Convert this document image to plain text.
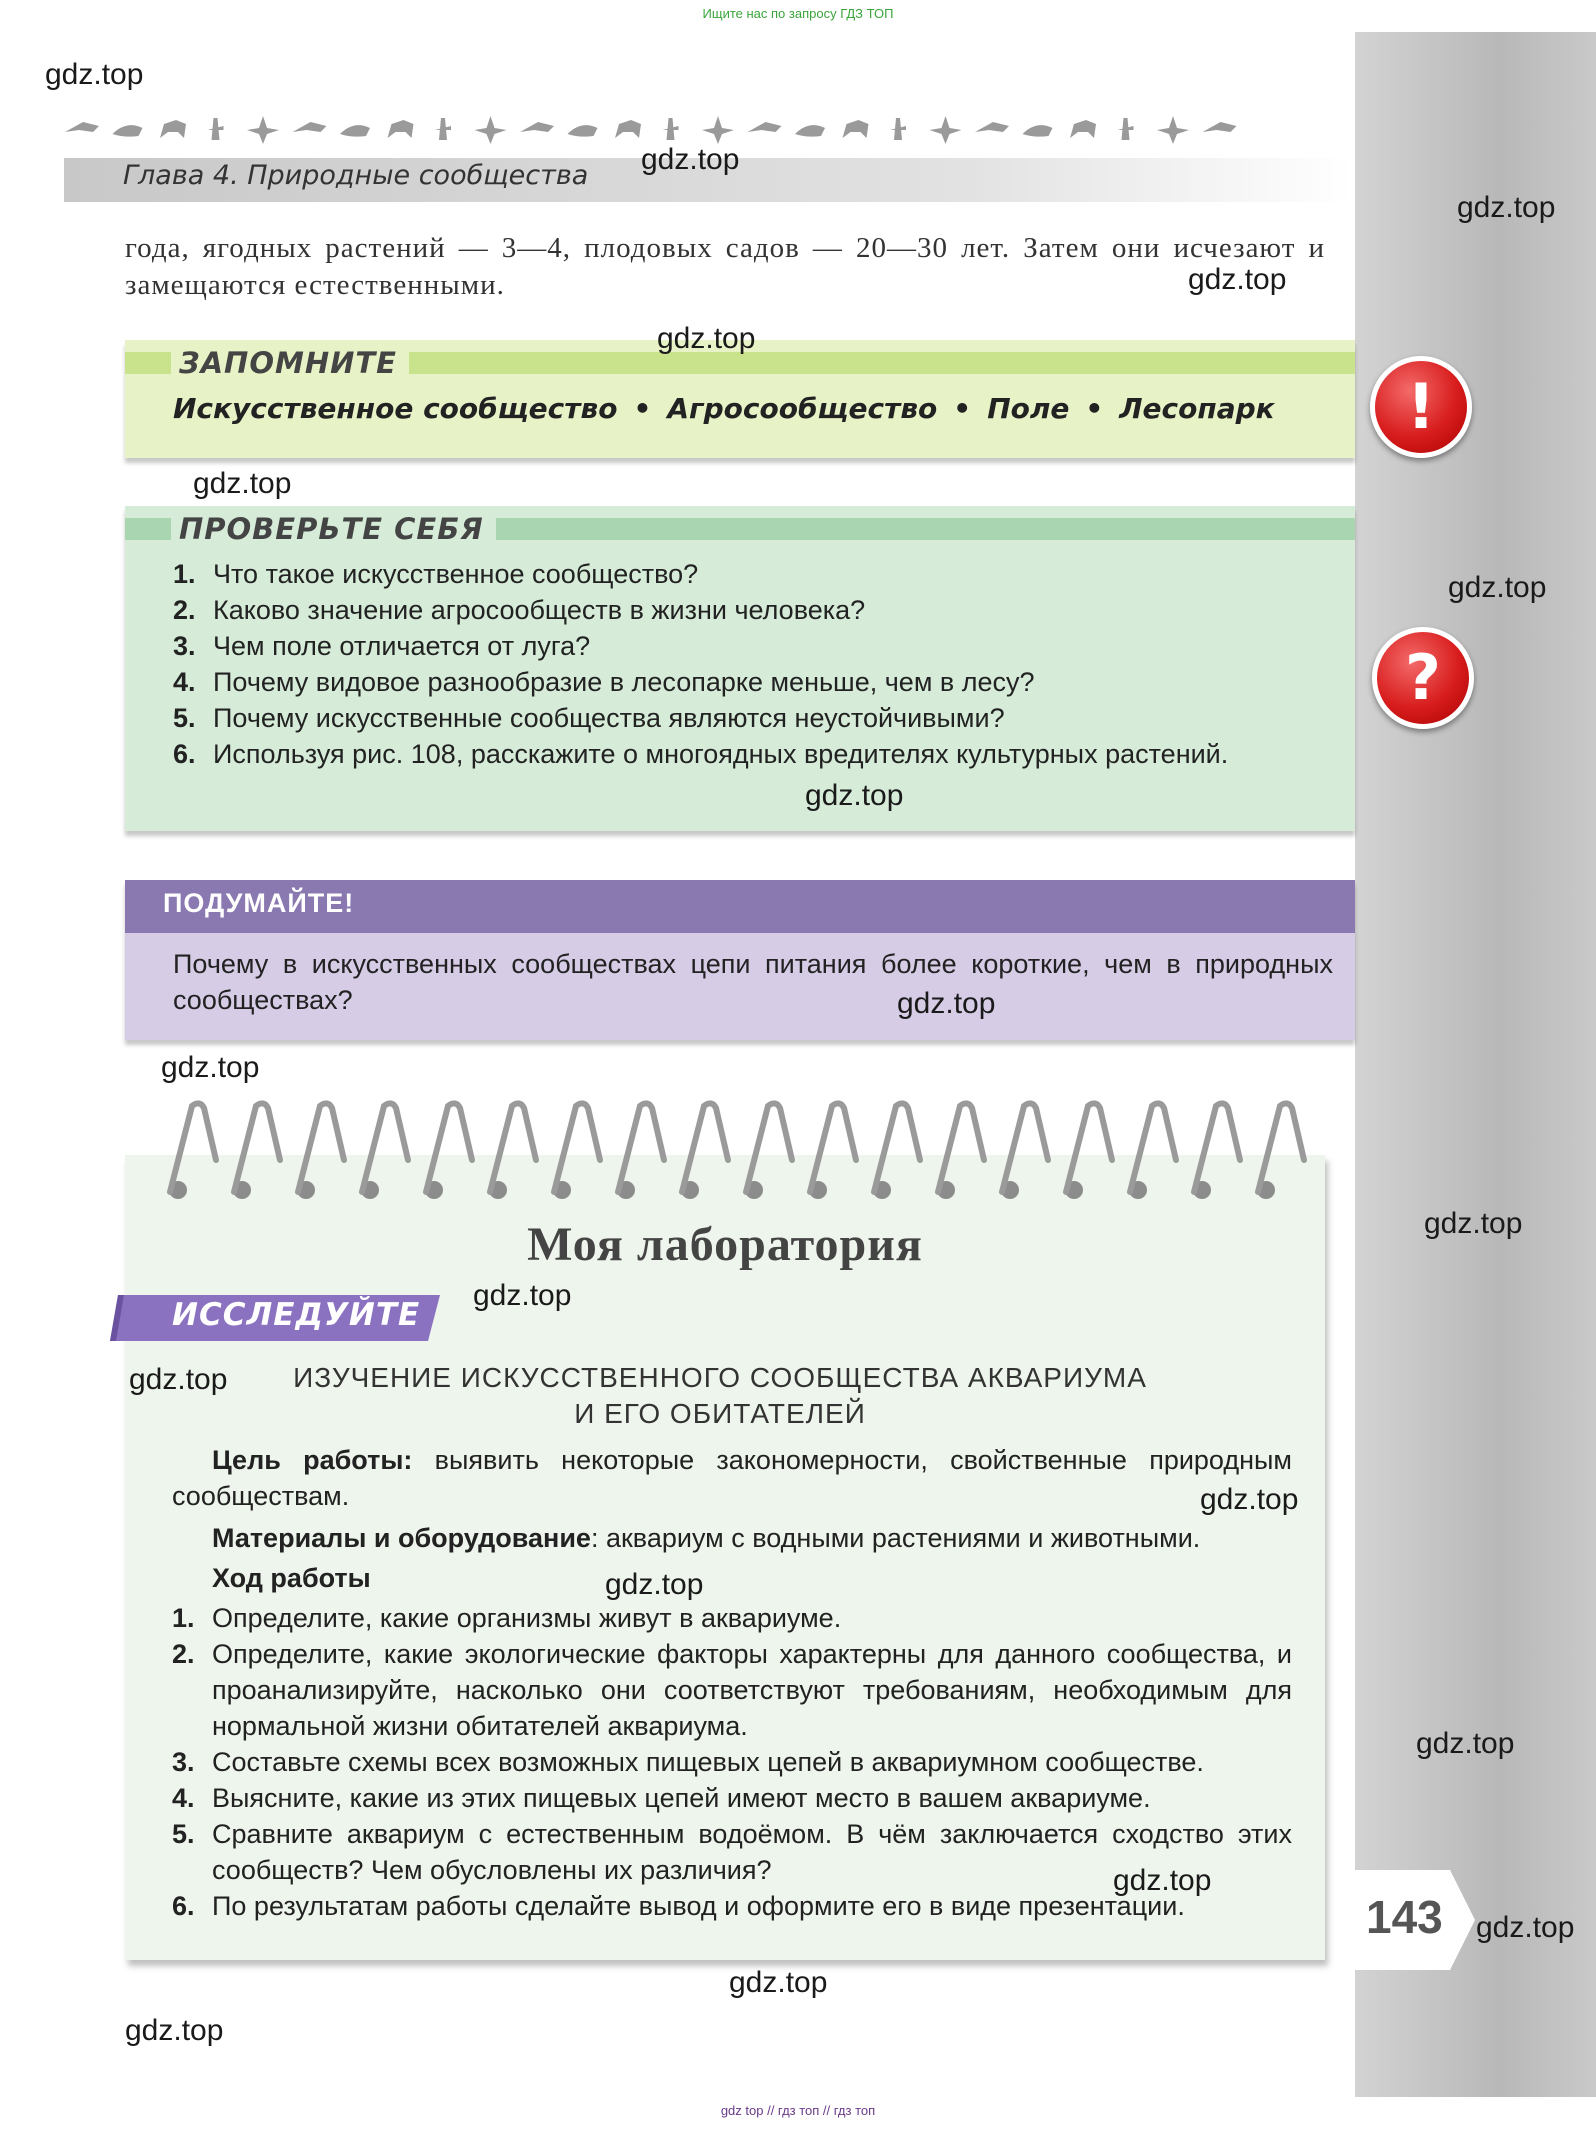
Ищите нас по запросу ГДЗ ТОП
Глава 4. Природные сообщества
года, ягодных растений — 3—4, плодовых садов — 20—30 лет. Затем они исчезают и замещаются естественными.
ЗАПОМНИТЕ
Искусственное сообщество • Агросообщество • Поле • Лесопарк	!
ПРОВЕРЬТЕ СЕБЯ
1. Что такое искусственное сообщество?
2. Каково значение агросообществ в жизни человека?
3. Чем поле отличается от луга?
4. Почему видовое разнообразие в лесопарке меньше, чем в лесу?
5. Почему искусственные сообщества являются неустойчивыми?
6. Используя рис. 108, расскажите о многоядных вредителях культурных растений.
?
ПОДУМАЙТЕ!
Почему в искусственных сообществах цепи питания более короткие, чем в природных сообществах?
Моя лаборатория
ИССЛЕДУЙТЕ
ИЗУЧЕНИЕ ИСКУССТВЕННОГО СООБЩЕСТВА АКВАРИУМА
И ЕГО ОБИТАТЕЛЕЙ
Цель работы: выявить некоторые закономерности, свойственные природным сообществам.
Материалы и оборудование: аквариум с водными растениями и животными.
Ход работы
1. Определите, какие организмы живут в аквариуме.
2. Определите, какие экологические факторы характерны для данного сообщества, и проанализируйте, насколько они соответствуют требованиям, необходимым для нормальной жизни обитателей аквариума.
3. Составьте схемы всех возможных пищевых цепей в аквариумном сообществе.
4. Выясните, какие из этих пищевых цепей имеют место в вашем аквариуме.
5. Сравните аквариум с естественным водоёмом. В чём заключается сходство этих сообществ? Чем обусловлены их различия?
6. По результатам работы сделайте вывод и оформите его в виде презентации.	143
gdz.top
gdz.top
gdz.top
gdz.top
gdz.top
gdz.top
gdz.top
gdz.top
gdz.top
gdz.top
gdz.top
gdz.top
gdz.top
gdz.top
gdz.top
gdz.top
gdz.top
gdz.top
gdz.top
gdz.top
gdz top // гдз топ // гдз топ
